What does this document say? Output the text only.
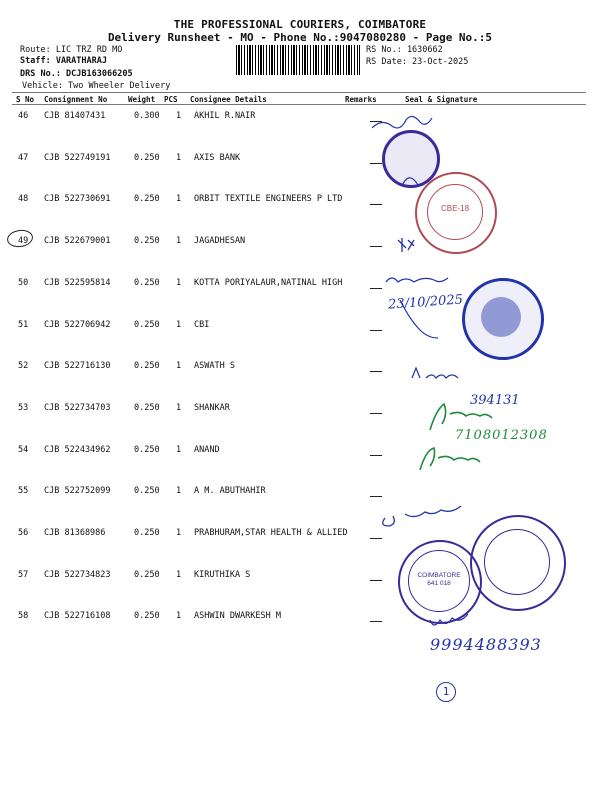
THE PROFESSIONAL COURIERS, COIMBATORE
Delivery Runsheet - MO - Phone No.:9047080280 - Page No.:5
Route: LIC TRZ RD MO
Staff: VARATHARAJ
DRS No.: DCJB163066205
Vehicle: Two Wheeler Delivery
RS No.: 1630662
RS Date: 23-Oct-2025
S No Consignment No	Weight PCS Consignee Details	Remarks	Seal & Signature
46 CJB 81407431	0.300 1 AKHIL R.NAIR
47 CJB 522749191	0.250 1 AXIS BANK
48 CJB 522730691	0.250 1 ORBIT TEXTILE ENGINEERS P LTD
49 CJB 522679001	0.250 1 JAGADHESAN
50 CJB 522595814	0.250 1 KOTTA PORIYALAUR,NATINAL HIGH
51 CJB 522706942	0.250 1 CBI
52 CJB 522716130	0.250 1 ASWATH S
53 CJB 522734703	0.250 1 SHANKAR
54 CJB 522434962	0.250 1 ANAND
55 CJB 522752099	0.250 1 A M. ABUTHAHIR
56 CJB 81368986	0.250 1 PRABHURAM,STAR HEALTH & ALLIED
57 CJB 522734823	0.250 1 KIRUTHIKA S
58 CJB 522716108	0.250 1 ASHWIN DWARKESH M
23/10/2025
394131
7108012308
9994488393
CBE-18
COIMBATORE 641 018
1
